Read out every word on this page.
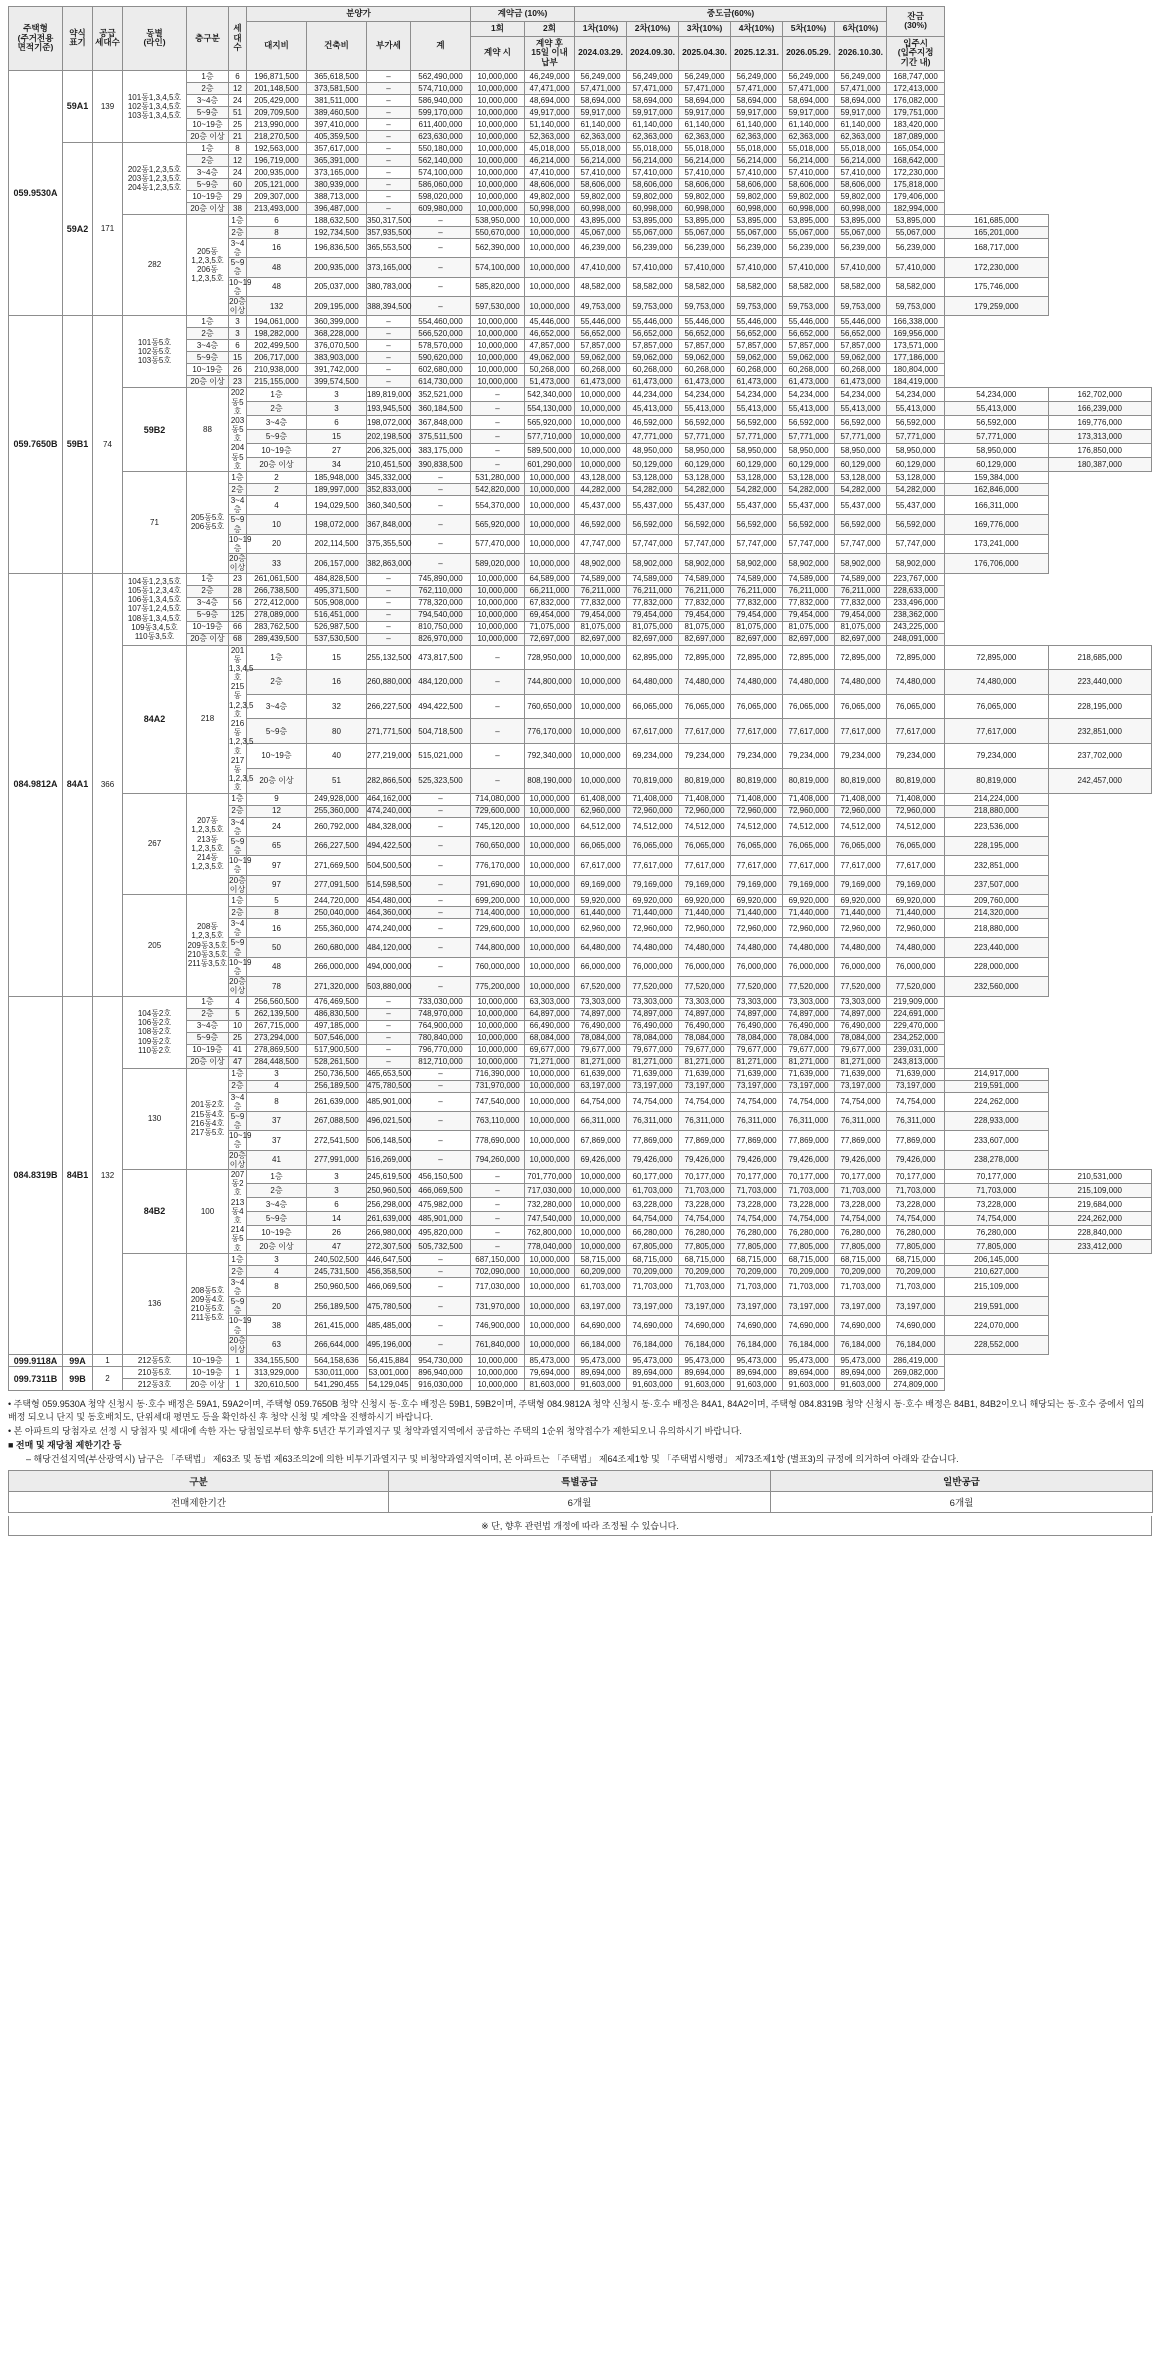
주택형
(주거전용
면적기준)	약식
표기	공급
세대수	동별
(라인)	층구분	세
대
수	분양가				계약금 (10%)		중도금(60%)						잔금
(30%)		
						대지비	건축비	부가세	계	1회	2회	1차(10%)	2차(10%)	3차(10%)	4차(10%)	5차(10%)	6차(10%)			
										계약 시	계약 후
15일 이내
납부	2024.03.29.	2024.09.30.	2025.04.30.	2025.12.31.	2026.05.29.	2026.10.30.	입주시
(입주지정
기간 내)		
059.9530A	59A1	139	101동1,3,4,5호
102동1,3,4,5호
103동1,3,4,5호	1층	6	196,871,500	365,618,500	–	562,490,000	10,000,000	46,249,000	56,249,000	56,249,000	56,249,000	56,249,000	56,249,000	56,249,000	168,747,000		
				2층	12	201,148,500	373,581,500	–	574,710,000	10,000,000	47,471,000	57,471,000	57,471,000	57,471,000	57,471,000	57,471,000	57,471,000	172,413,000		
				3~4층	24	205,429,000	381,511,000	–	586,940,000	10,000,000	48,694,000	58,694,000	58,694,000	58,694,000	58,694,000	58,694,000	58,694,000	176,082,000		
				5~9층	51	209,709,500	389,460,500	–	599,170,000	10,000,000	49,917,000	59,917,000	59,917,000	59,917,000	59,917,000	59,917,000	59,917,000	179,751,000		
				10~19층	25	213,990,000	397,410,000	–	611,400,000	10,000,000	51,140,000	61,140,000	61,140,000	61,140,000	61,140,000	61,140,000	61,140,000	183,420,000		
				20층 이상	21	218,270,500	405,359,500	–	623,630,000	10,000,000	52,363,000	62,363,000	62,363,000	62,363,000	62,363,000	62,363,000	62,363,000	187,089,000		
	59A2	171	202동1,2,3,5호
203동1,2,3,5호
204동1,2,3,5호	1층	8	192,563,000	357,617,000	–	550,180,000	10,000,000	45,018,000	55,018,000	55,018,000	55,018,000	55,018,000	55,018,000	55,018,000	165,054,000		
				2층	12	196,719,000	365,391,000	–	562,140,000	10,000,000	46,214,000	56,214,000	56,214,000	56,214,000	56,214,000	56,214,000	56,214,000	168,642,000		
				3~4층	24	200,935,000	373,165,000	–	574,100,000	10,000,000	47,410,000	57,410,000	57,410,000	57,410,000	57,410,000	57,410,000	57,410,000	172,230,000		
				5~9층	60	205,121,000	380,939,000	–	586,060,000	10,000,000	48,606,000	58,606,000	58,606,000	58,606,000	58,606,000	58,606,000	58,606,000	175,818,000		
				10~19층	29	209,307,000	388,713,000	–	598,020,000	10,000,000	49,802,000	59,802,000	59,802,000	59,802,000	59,802,000	59,802,000	59,802,000	179,406,000		
				20층 이상	38	213,493,000	396,487,000	–	609,980,000	10,000,000	50,998,000	60,998,000	60,998,000	60,998,000	60,998,000	60,998,000	60,998,000	182,994,000		
			282	205동1,2,3,5호
206동1,2,3,5호	1층	6	188,632,500	350,317,500	–	538,950,000	10,000,000	43,895,000	53,895,000	53,895,000	53,895,000	53,895,000	53,895,000	53,895,000	161,685,000	
					2층	8	192,734,500	357,935,500	–	550,670,000	10,000,000	45,067,000	55,067,000	55,067,000	55,067,000	55,067,000	55,067,000	55,067,000	165,201,000	
					3~4층	16	196,836,500	365,553,500	–	562,390,000	10,000,000	46,239,000	56,239,000	56,239,000	56,239,000	56,239,000	56,239,000	56,239,000	168,717,000	
					5~9층	48	200,935,000	373,165,000	–	574,100,000	10,000,000	47,410,000	57,410,000	57,410,000	57,410,000	57,410,000	57,410,000	57,410,000	172,230,000	
					10~19층	48	205,037,000	380,783,000	–	585,820,000	10,000,000	48,582,000	58,582,000	58,582,000	58,582,000	58,582,000	58,582,000	58,582,000	175,746,000	
					20층 이상	132	209,195,000	388,394,500	–	597,530,000	10,000,000	49,753,000	59,753,000	59,753,000	59,753,000	59,753,000	59,753,000	59,753,000	179,259,000	
059.7650B	59B1	74	101동5호
102동5호
103동5호	1층	3	194,061,000	360,399,000	–	554,460,000	10,000,000	45,446,000	55,446,000	55,446,000	55,446,000	55,446,000	55,446,000	55,446,000	166,338,000		
				2층	3	198,282,000	368,228,000	–	566,520,000	10,000,000	46,652,000	56,652,000	56,652,000	56,652,000	56,652,000	56,652,000	56,652,000	169,956,000		
				3~4층	6	202,499,500	376,070,500	–	578,570,000	10,000,000	47,857,000	57,857,000	57,857,000	57,857,000	57,857,000	57,857,000	57,857,000	173,571,000		
				5~9층	15	206,717,000	383,903,000	–	590,620,000	10,000,000	49,062,000	59,062,000	59,062,000	59,062,000	59,062,000	59,062,000	59,062,000	177,186,000		
				10~19층	26	210,938,000	391,742,000	–	602,680,000	10,000,000	50,268,000	60,268,000	60,268,000	60,268,000	60,268,000	60,268,000	60,268,000	180,804,000		
				20층 이상	23	215,155,000	399,574,500	–	614,730,000	10,000,000	51,473,000	61,473,000	61,473,000	61,473,000	61,473,000	61,473,000	61,473,000	184,419,000		
			59B2	88	202동5호
203동5호
204동5호	1층	3	189,819,000	352,521,000	–	542,340,000	10,000,000	44,234,000	54,234,000	54,234,000	54,234,000	54,234,000	54,234,000	54,234,000	162,702,000
						2층	3	193,945,500	360,184,500	–	554,130,000	10,000,000	45,413,000	55,413,000	55,413,000	55,413,000	55,413,000	55,413,000	55,413,000	166,239,000
						3~4층	6	198,072,000	367,848,000	–	565,920,000	10,000,000	46,592,000	56,592,000	56,592,000	56,592,000	56,592,000	56,592,000	56,592,000	169,776,000
						5~9층	15	202,198,500	375,511,500	–	577,710,000	10,000,000	47,771,000	57,771,000	57,771,000	57,771,000	57,771,000	57,771,000	57,771,000	173,313,000
						10~19층	27	206,325,000	383,175,000	–	589,500,000	10,000,000	48,950,000	58,950,000	58,950,000	58,950,000	58,950,000	58,950,000	58,950,000	176,850,000
						20층 이상	34	210,451,500	390,838,500	–	601,290,000	10,000,000	50,129,000	60,129,000	60,129,000	60,129,000	60,129,000	60,129,000	60,129,000	180,387,000
			71	205동5호
206동5호	1층	2	185,948,000	345,332,000	–	531,280,000	10,000,000	43,128,000	53,128,000	53,128,000	53,128,000	53,128,000	53,128,000	53,128,000	159,384,000	
					2층	2	189,997,000	352,833,000	–	542,820,000	10,000,000	44,282,000	54,282,000	54,282,000	54,282,000	54,282,000	54,282,000	54,282,000	162,846,000	
					3~4층	4	194,029,500	360,340,500	–	554,370,000	10,000,000	45,437,000	55,437,000	55,437,000	55,437,000	55,437,000	55,437,000	55,437,000	166,311,000	
					5~9층	10	198,072,000	367,848,000	–	565,920,000	10,000,000	46,592,000	56,592,000	56,592,000	56,592,000	56,592,000	56,592,000	56,592,000	169,776,000	
					10~19층	20	202,114,500	375,355,500	–	577,470,000	10,000,000	47,747,000	57,747,000	57,747,000	57,747,000	57,747,000	57,747,000	57,747,000	173,241,000	
					20층 이상	33	206,157,000	382,863,000	–	589,020,000	10,000,000	48,902,000	58,902,000	58,902,000	58,902,000	58,902,000	58,902,000	58,902,000	176,706,000	
084.9812A	84A1	366	104동1,2,3,5호
105동1,2,3,4호
106동1,3,4,5호
107동1,2,4,5호
108동1,3,4,5호
109동3,4,5호
110동3,5호	1층	23	261,061,500	484,828,500	–	745,890,000	10,000,000	64,589,000	74,589,000	74,589,000	74,589,000	74,589,000	74,589,000	74,589,000	223,767,000
				2층	28	266,738,500	495,371,500	–	762,110,000	10,000,000	66,211,000	76,211,000	76,211,000	76,211,000	76,211,000	76,211,000	76,211,000	228,633,000		
				3~4층	56	272,412,000	505,908,000	–	778,320,000	10,000,000	67,832,000	77,832,000	77,832,000	77,832,000	77,832,000	77,832,000	77,832,000	233,496,000		
				5~9층	125	278,089,000	516,451,000	–	794,540,000	10,000,000	69,454,000	79,454,000	79,454,000	79,454,000	79,454,000	79,454,000	79,454,000	238,362,000		
				10~19층	66	283,762,500	526,987,500	–	810,750,000	10,000,000	71,075,000	81,075,000	81,075,000	81,075,000	81,075,000	81,075,000	81,075,000	243,225,000		
				20층 이상	68	289,439,500	537,530,500	–	826,970,000	10,000,000	72,697,000	82,697,000	82,697,000	82,697,000	82,697,000	82,697,000	82,697,000	248,091,000		
			84A2	218	201동1,3,4,5호
215동1,2,3,5호
216동1,2,3,5호
217동1,2,3,5호	1층	15	255,132,500	473,817,500	–	728,950,000	10,000,000	62,895,000	72,895,000	72,895,000	72,895,000	72,895,000	72,895,000	72,895,000	218,685,000
						2층	16	260,880,000	484,120,000	–	744,800,000	10,000,000	64,480,000	74,480,000	74,480,000	74,480,000	74,480,000	74,480,000	74,480,000	223,440,000
						3~4층	32	266,227,500	494,422,500	–	760,650,000	10,000,000	66,065,000	76,065,000	76,065,000	76,065,000	76,065,000	76,065,000	76,065,000	228,195,000
						5~9층	80	271,771,500	504,718,500	–	776,170,000	10,000,000	67,617,000	77,617,000	77,617,000	77,617,000	77,617,000	77,617,000	77,617,000	232,851,000
						10~19층	40	277,219,000	515,021,000	–	792,340,000	10,000,000	69,234,000	79,234,000	79,234,000	79,234,000	79,234,000	79,234,000	79,234,000	237,702,000
						20층 이상	51	282,866,500	525,323,500	–	808,190,000	10,000,000	70,819,000	80,819,000	80,819,000	80,819,000	80,819,000	80,819,000	80,819,000	242,457,000
			267	207동1,2,3,5호
213동1,2,3,5호
214동1,2,3,5호	1층	9	249,928,000	464,162,000	–	714,080,000	10,000,000	61,408,000	71,408,000	71,408,000	71,408,000	71,408,000	71,408,000	71,408,000	214,224,000	
					2층	12	255,360,000	474,240,000	–	729,600,000	10,000,000	62,960,000	72,960,000	72,960,000	72,960,000	72,960,000	72,960,000	72,960,000	218,880,000	
					3~4층	24	260,792,000	484,328,000	–	745,120,000	10,000,000	64,512,000	74,512,000	74,512,000	74,512,000	74,512,000	74,512,000	74,512,000	223,536,000	
					5~9층	65	266,227,500	494,422,500	–	760,650,000	10,000,000	66,065,000	76,065,000	76,065,000	76,065,000	76,065,000	76,065,000	76,065,000	228,195,000	
					10~19층	97	271,669,500	504,500,500	–	776,170,000	10,000,000	67,617,000	77,617,000	77,617,000	77,617,000	77,617,000	77,617,000	77,617,000	232,851,000	
					20층 이상	97	277,091,500	514,598,500	–	791,690,000	10,000,000	69,169,000	79,169,000	79,169,000	79,169,000	79,169,000	79,169,000	79,169,000	237,507,000	
			205	208동1,2,3,5호
209동3,5호
210동3,5호
211동3,5호	1층	5	244,720,000	454,480,000	–	699,200,000	10,000,000	59,920,000	69,920,000	69,920,000	69,920,000	69,920,000	69,920,000	69,920,000	209,760,000	
					2층	8	250,040,000	464,360,000	–	714,400,000	10,000,000	61,440,000	71,440,000	71,440,000	71,440,000	71,440,000	71,440,000	71,440,000	214,320,000	
					3~4층	16	255,360,000	474,240,000	–	729,600,000	10,000,000	62,960,000	72,960,000	72,960,000	72,960,000	72,960,000	72,960,000	72,960,000	218,880,000	
					5~9층	50	260,680,000	484,120,000	–	744,800,000	10,000,000	64,480,000	74,480,000	74,480,000	74,480,000	74,480,000	74,480,000	74,480,000	223,440,000	
					10~19층	48	266,000,000	494,000,000	–	760,000,000	10,000,000	66,000,000	76,000,000	76,000,000	76,000,000	76,000,000	76,000,000	76,000,000	228,000,000	
					20층 이상	78	271,320,000	503,880,000	–	775,200,000	10,000,000	67,520,000	77,520,000	77,520,000	77,520,000	77,520,000	77,520,000	77,520,000	232,560,000	
084.8319B	84B1	132	104동2호
106동2호
108동2호
109동2호
110동2호	1층	4	256,560,500	476,469,500	–	733,030,000	10,000,000	63,303,000	73,303,000	73,303,000	73,303,000	73,303,000	73,303,000	73,303,000	219,909,000		
				2층	5	262,139,500	486,830,500	–	748,970,000	10,000,000	64,897,000	74,897,000	74,897,000	74,897,000	74,897,000	74,897,000	74,897,000	224,691,000		
				3~4층	10	267,715,000	497,185,000	–	764,900,000	10,000,000	66,490,000	76,490,000	76,490,000	76,490,000	76,490,000	76,490,000	76,490,000	229,470,000		
				5~9층	25	273,294,000	507,546,000	–	780,840,000	10,000,000	68,084,000	78,084,000	78,084,000	78,084,000	78,084,000	78,084,000	78,084,000	234,252,000		
				10~19층	41	278,869,500	517,900,500	–	796,770,000	10,000,000	69,677,000	79,677,000	79,677,000	79,677,000	79,677,000	79,677,000	79,677,000	239,031,000		
				20층 이상	47	284,448,500	528,261,500	–	812,710,000	10,000,000	71,271,000	81,271,000	81,271,000	81,271,000	81,271,000	81,271,000	81,271,000	243,813,000		
			130	201동2호
215동4호
216동4호
217동5호	1층	3	250,736,500	465,653,500	–	716,390,000	10,000,000	61,639,000	71,639,000	71,639,000	71,639,000	71,639,000	71,639,000	71,639,000	214,917,000	
					2층	4	256,189,500	475,780,500	–	731,970,000	10,000,000	63,197,000	73,197,000	73,197,000	73,197,000	73,197,000	73,197,000	73,197,000	219,591,000	
					3~4층	8	261,639,000	485,901,000	–	747,540,000	10,000,000	64,754,000	74,754,000	74,754,000	74,754,000	74,754,000	74,754,000	74,754,000	224,262,000	
					5~9층	37	267,088,500	496,021,500	–	763,110,000	10,000,000	66,311,000	76,311,000	76,311,000	76,311,000	76,311,000	76,311,000	76,311,000	228,933,000	
					10~19층	37	272,541,500	506,148,500	–	778,690,000	10,000,000	67,869,000	77,869,000	77,869,000	77,869,000	77,869,000	77,869,000	77,869,000	233,607,000	
					20층 이상	41	277,991,000	516,269,000	–	794,260,000	10,000,000	69,426,000	79,426,000	79,426,000	79,426,000	79,426,000	79,426,000	79,426,000	238,278,000	
			84B2	100	207동2호
213동4호
214동5호	1층	3	245,619,500	456,150,500	–	701,770,000	10,000,000	60,177,000	70,177,000	70,177,000	70,177,000	70,177,000	70,177,000	70,177,000	210,531,000
						2층	3	250,960,500	466,069,500	–	717,030,000	10,000,000	61,703,000	71,703,000	71,703,000	71,703,000	71,703,000	71,703,000	71,703,000	215,109,000
						3~4층	6	256,298,000	475,982,000	–	732,280,000	10,000,000	63,228,000	73,228,000	73,228,000	73,228,000	73,228,000	73,228,000	73,228,000	219,684,000
						5~9층	14	261,639,000	485,901,000	–	747,540,000	10,000,000	64,754,000	74,754,000	74,754,000	74,754,000	74,754,000	74,754,000	74,754,000	224,262,000
						10~19층	26	266,980,000	495,820,000	–	762,800,000	10,000,000	66,280,000	76,280,000	76,280,000	76,280,000	76,280,000	76,280,000	76,280,000	228,840,000
						20층 이상	47	272,307,500	505,732,500	–	778,040,000	10,000,000	67,805,000	77,805,000	77,805,000	77,805,000	77,805,000	77,805,000	77,805,000	233,412,000
			136	208동5호
209동4호
210동5호
211동5호	1층	3	240,502,500	446,647,500	–	687,150,000	10,000,000	58,715,000	68,715,000	68,715,000	68,715,000	68,715,000	68,715,000	68,715,000	206,145,000	
					2층	4	245,731,500	456,358,500	–	702,090,000	10,000,000	60,209,000	70,209,000	70,209,000	70,209,000	70,209,000	70,209,000	70,209,000	210,627,000	
					3~4층	8	250,960,500	466,069,500	–	717,030,000	10,000,000	61,703,000	71,703,000	71,703,000	71,703,000	71,703,000	71,703,000	71,703,000	215,109,000	
					5~9층	20	256,189,500	475,780,500	–	731,970,000	10,000,000	63,197,000	73,197,000	73,197,000	73,197,000	73,197,000	73,197,000	73,197,000	219,591,000	
					10~19층	38	261,415,000	485,485,000	–	746,900,000	10,000,000	64,690,000	74,690,000	74,690,000	74,690,000	74,690,000	74,690,000	74,690,000	224,070,000	
					20층 이상	63	266,644,000	495,196,000	–	761,840,000	10,000,000	66,184,000	76,184,000	76,184,000	76,184,000	76,184,000	76,184,000	76,184,000	228,552,000	
099.9118A	99A	1	212동5호	10~19층	1	334,155,500	564,158,636	56,415,884	954,730,000	10,000,000	85,473,000	95,473,000	95,473,000	95,473,000	95,473,000	95,473,000	95,473,000	286,419,000		
099.7311B	99B	2	210동5호	10~19층	1	313,929,000	530,011,000	53,001,000	896,940,000	10,000,000	79,694,000	89,694,000	89,694,000	89,694,000	89,694,000	89,694,000	89,694,000	269,082,000		
			212동3호	20층 이상	1	320,610,500	541,290,455	54,129,045	916,030,000	10,000,000	81,603,000	91,603,000	91,603,000	91,603,000	91,603,000	91,603,000	91,603,000	274,809,000		
• 주택형 059.9530A 청약 신청시 동·호수 배정은 59A1, 59A2이며, 주택형 059.7650B 청약 신청시 동·호수 배정은 59B1, 59B2이며, 주택형 084.9812A 청약 신청시 동·호수 배정은 84A1, 84A2이며, 주택형 084.8319B 청약 신청시 동·호수 배정은 84B1, 84B2이오니 해당되는 동·호수 중에서 입의배정 되오니 단지 및 동호배치도, 단위세대 평면도 등을 확인하신 후 청약 신청 및 계약을 진행하시기 바랍니다.
• 본 아파트의 당첨자로 선정 시 당첨자 및 세대에 속한 자는 당첨일로부터 향후 5년간 투기과열지구 및 청약과열지역에서 공급하는 주택의 1순위 청약접수가 제한되오니 유의하시기 바랍니다.
■ 전매 및 재당첨 제한기간 등
– 해당건설지역(부산광역시) 남구은 「주택법」 제63조 및 동법 제63조의2에 의한 비투기과열지구 및 비청약과열지역이며, 본 아파트는 「주택법」 제64조제1항 및 「주택법시행령」 제73조제1항 (별표3)의 규정에 의거하여 아래와 같습니다.
구분	특별공급	일반공급
전매제한기간	6개월	6개월
※ 단, 향후 관련법 개정에 따라 조정될 수 있습니다.
